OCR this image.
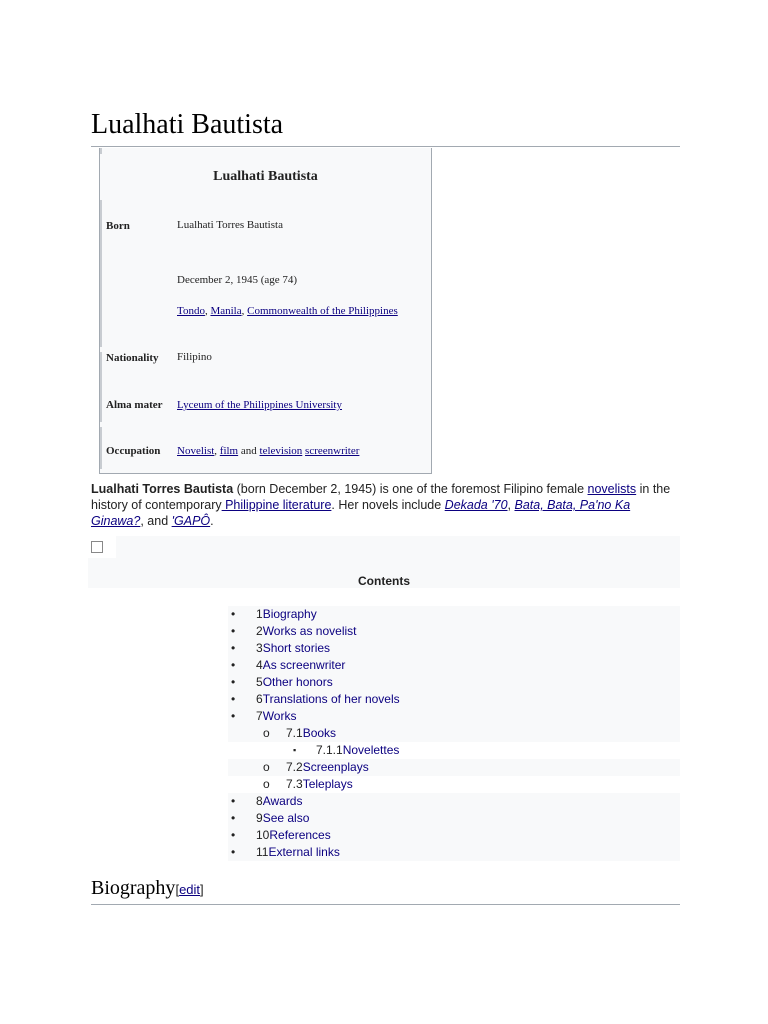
Lualhati Bautista
Lualhati Bautista
Born	Lualhati Torres Bautista
December 2, 1945 (age 74)
Tondo, Manila, Commonwealth of the Philippines
Nationality Filipino
Alma mater Lyceum of the Philippines University
Occupation Novelist, film and television screenwriter
Lualhati Torres Bautista (born December 2, 1945) is one of the foremost Filipino female novelists in the history of contemporary Philippine literature. Her novels include Dekada '70, Bata, Bata, Pa'no Ka Ginawa?, and 'GAPÔ.
Contents
• 1Biography
• 2Works as novelist
• 3Short stories
• 4As screenwriter
• 5Other honors
• 6Translations of her novels
• 7Works
o 7.1Books
▪ 7.1.1Novelettes
o 7.2Screenplays
o 7.3Teleplays
• 8Awards
• 9See also
• 10References
• 11External links
Biography[edit]
